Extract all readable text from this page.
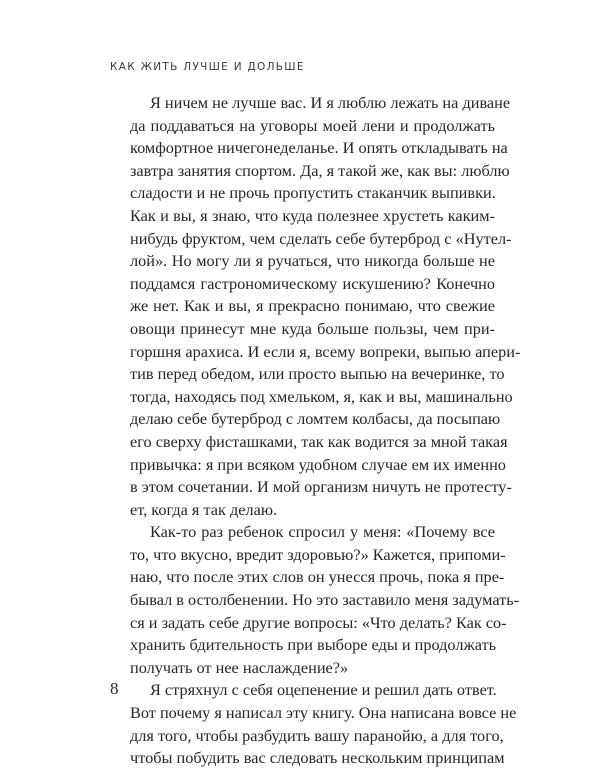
КАК ЖИТЬ ЛУЧШЕ И ДОЛЬШЕ
Я ничем не лучше вас. И я люблю лежать на диване
да поддаваться на уговоры моей лени и продолжать
комфортное ничегонеделанье. И опять откладывать на
завтра занятия спортом. Да, я такой же, как вы: люблю
сладости и не прочь пропустить стаканчик выпивки.
Как и вы, я знаю, что куда полезнее хрустеть каким-
нибудь фруктом, чем сделать себе бутерброд с «Нутел-
лой». Но могу ли я ручаться, что никогда больше не
поддамся гастрономическому искушению? Конечно
же нет. Как и вы, я прекрасно понимаю, что свежие
овощи принесут мне куда больше пользы, чем при-
горшня арахиса. И если я, всему вопреки, выпью апери-
тив перед обедом, или просто выпью на вечеринке, то
тогда, находясь под хмельком, я, как и вы, машинально
делаю себе бутерброд с ломтем колбасы, да посыпаю
его сверху фисташками, так как водится за мной такая
привычка: я при всяком удобном случае ем их именно
в этом сочетании. И мой организм ничуть не протесту-
ет, когда я так делаю.
Как-то раз ребенок спросил у меня: «Почему все
то, что вкусно, вредит здоровью?» Кажется, припоми-
наю, что после этих слов он унесся прочь, пока я пре-
бывал в остолбенении. Но это заставило меня задумать-
ся и задать себе другие вопросы: «Что делать? Как со-
хранить бдительность при выборе еды и продолжать
получать от нее наслаждение?»
Я стряхнул с себя оцепенение и решил дать ответ.
Вот почему я написал эту книгу. Она написана вовсе не
для того, чтобы разбудить вашу паранойю, а для того,
чтобы побудить вас следовать нескольким принципам
8
